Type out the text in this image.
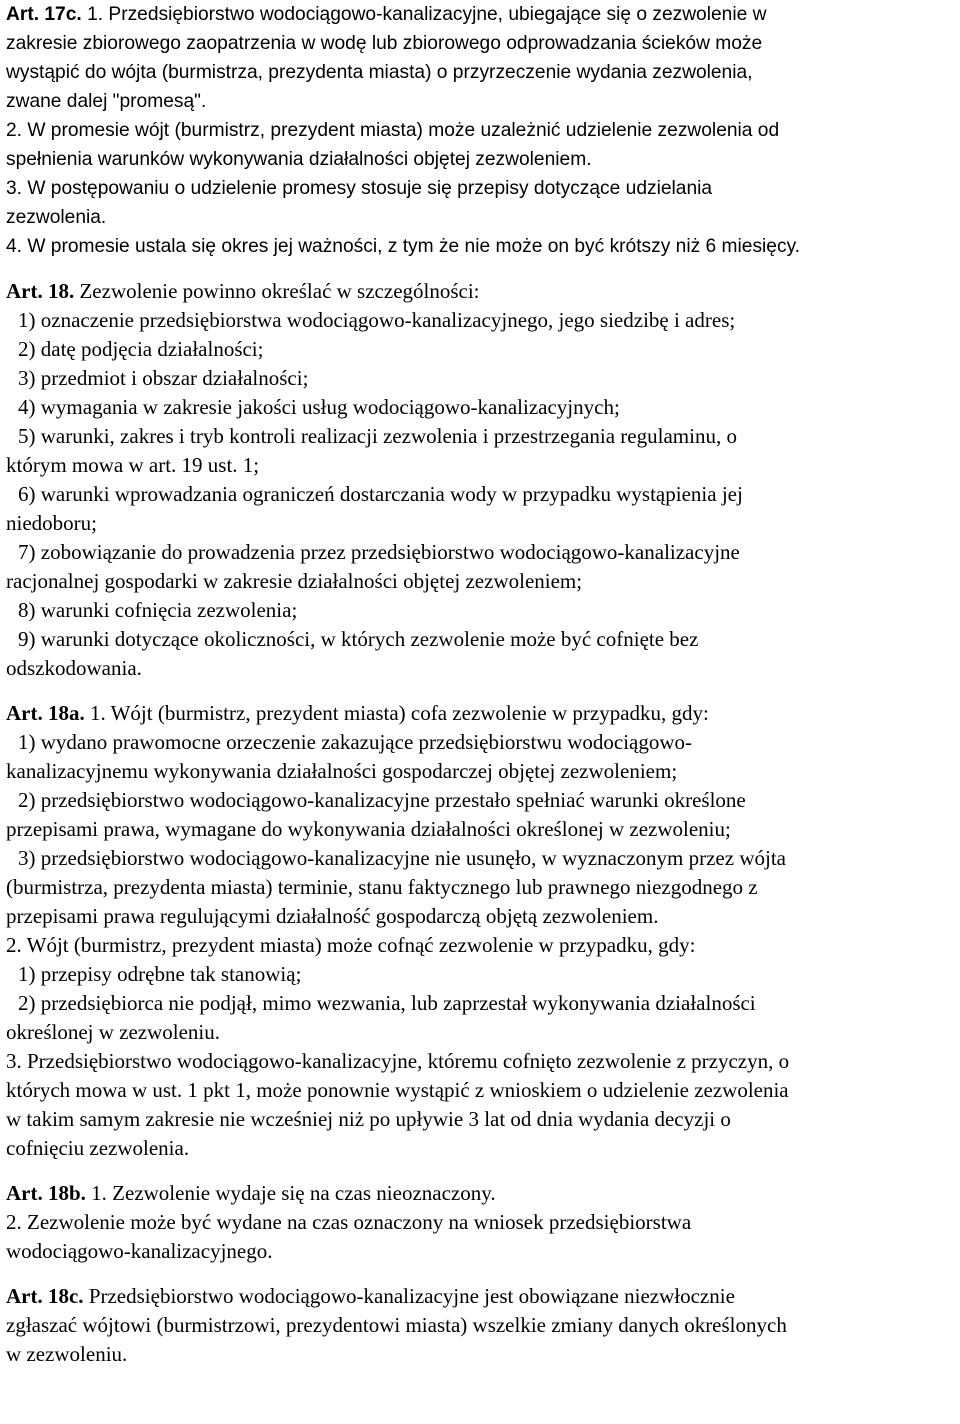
Art. 17c. 1. Przedsiębiorstwo wodociągowo-kanalizacyjne, ubiegające się o zezwolenie w
zakresie zbiorowego zaopatrzenia w wodę lub zbiorowego odprowadzania ścieków może
wystąpić do wójta (burmistrza, prezydenta miasta) o przyrzeczenie wydania zezwolenia,
zwane dalej "promesą".
2. W promesie wójt (burmistrz, prezydent miasta) może uzależnić udzielenie zezwolenia od
spełnienia warunków wykonywania działalności objętej zezwoleniem.
3. W postępowaniu o udzielenie promesy stosuje się przepisy dotyczące udzielania
zezwolenia.
4. W promesie ustala się okres jej ważności, z tym że nie może on być krótszy niż 6 miesięcy.
Art. 18. Zezwolenie powinno określać w szczególności:
1) oznaczenie przedsiębiorstwa wodociągowo-kanalizacyjnego, jego siedzibę i adres;
2) datę podjęcia działalności;
3) przedmiot i obszar działalności;
4) wymagania w zakresie jakości usług wodociągowo-kanalizacyjnych;
5) warunki, zakres i tryb kontroli realizacji zezwolenia i przestrzegania regulaminu, o
którym mowa w art. 19 ust. 1;
6) warunki wprowadzania ograniczeń dostarczania wody w przypadku wystąpienia jej
niedoboru;
7) zobowiązanie do prowadzenia przez przedsiębiorstwo wodociągowo-kanalizacyjne
racjonalnej gospodarki w zakresie działalności objętej zezwoleniem;
8) warunki cofnięcia zezwolenia;
9) warunki dotyczące okoliczności, w których zezwolenie może być cofnięte bez
odszkodowania.
Art. 18a. 1. Wójt (burmistrz, prezydent miasta) cofa zezwolenie w przypadku, gdy:
1) wydano prawomocne orzeczenie zakazujące przedsiębiorstwu wodociągowo-
kanalizacyjnemu wykonywania działalności gospodarczej objętej zezwoleniem;
2) przedsiębiorstwo wodociągowo-kanalizacyjne przestało spełniać warunki określone
przepisami prawa, wymagane do wykonywania działalności określonej w zezwoleniu;
3) przedsiębiorstwo wodociągowo-kanalizacyjne nie usunęło, w wyznaczonym przez wójta
(burmistrza, prezydenta miasta) terminie, stanu faktycznego lub prawnego niezgodnego z
przepisami prawa regulującymi działalność gospodarczą objętą zezwoleniem.
2. Wójt (burmistrz, prezydent miasta) może cofnąć zezwolenie w przypadku, gdy:
1) przepisy odrębne tak stanowią;
2) przedsiębiorca nie podjął, mimo wezwania, lub zaprzestał wykonywania działalności
określonej w zezwoleniu.
3. Przedsiębiorstwo wodociągowo-kanalizacyjne, któremu cofnięto zezwolenie z przyczyn, o
których mowa w ust. 1 pkt 1, może ponownie wystąpić z wnioskiem o udzielenie zezwolenia
w takim samym zakresie nie wcześniej niż po upływie 3 lat od dnia wydania decyzji o
cofnięciu zezwolenia.
Art. 18b. 1. Zezwolenie wydaje się na czas nieoznaczony.
2. Zezwolenie może być wydane na czas oznaczony na wniosek przedsiębiorstwa
wodociągowo-kanalizacyjnego.
Art. 18c. Przedsiębiorstwo wodociągowo-kanalizacyjne jest obowiązane niezwłocznie
zgłaszać wójtowi (burmistrzowi, prezydentowi miasta) wszelkie zmiany danych określonych
w zezwoleniu.
